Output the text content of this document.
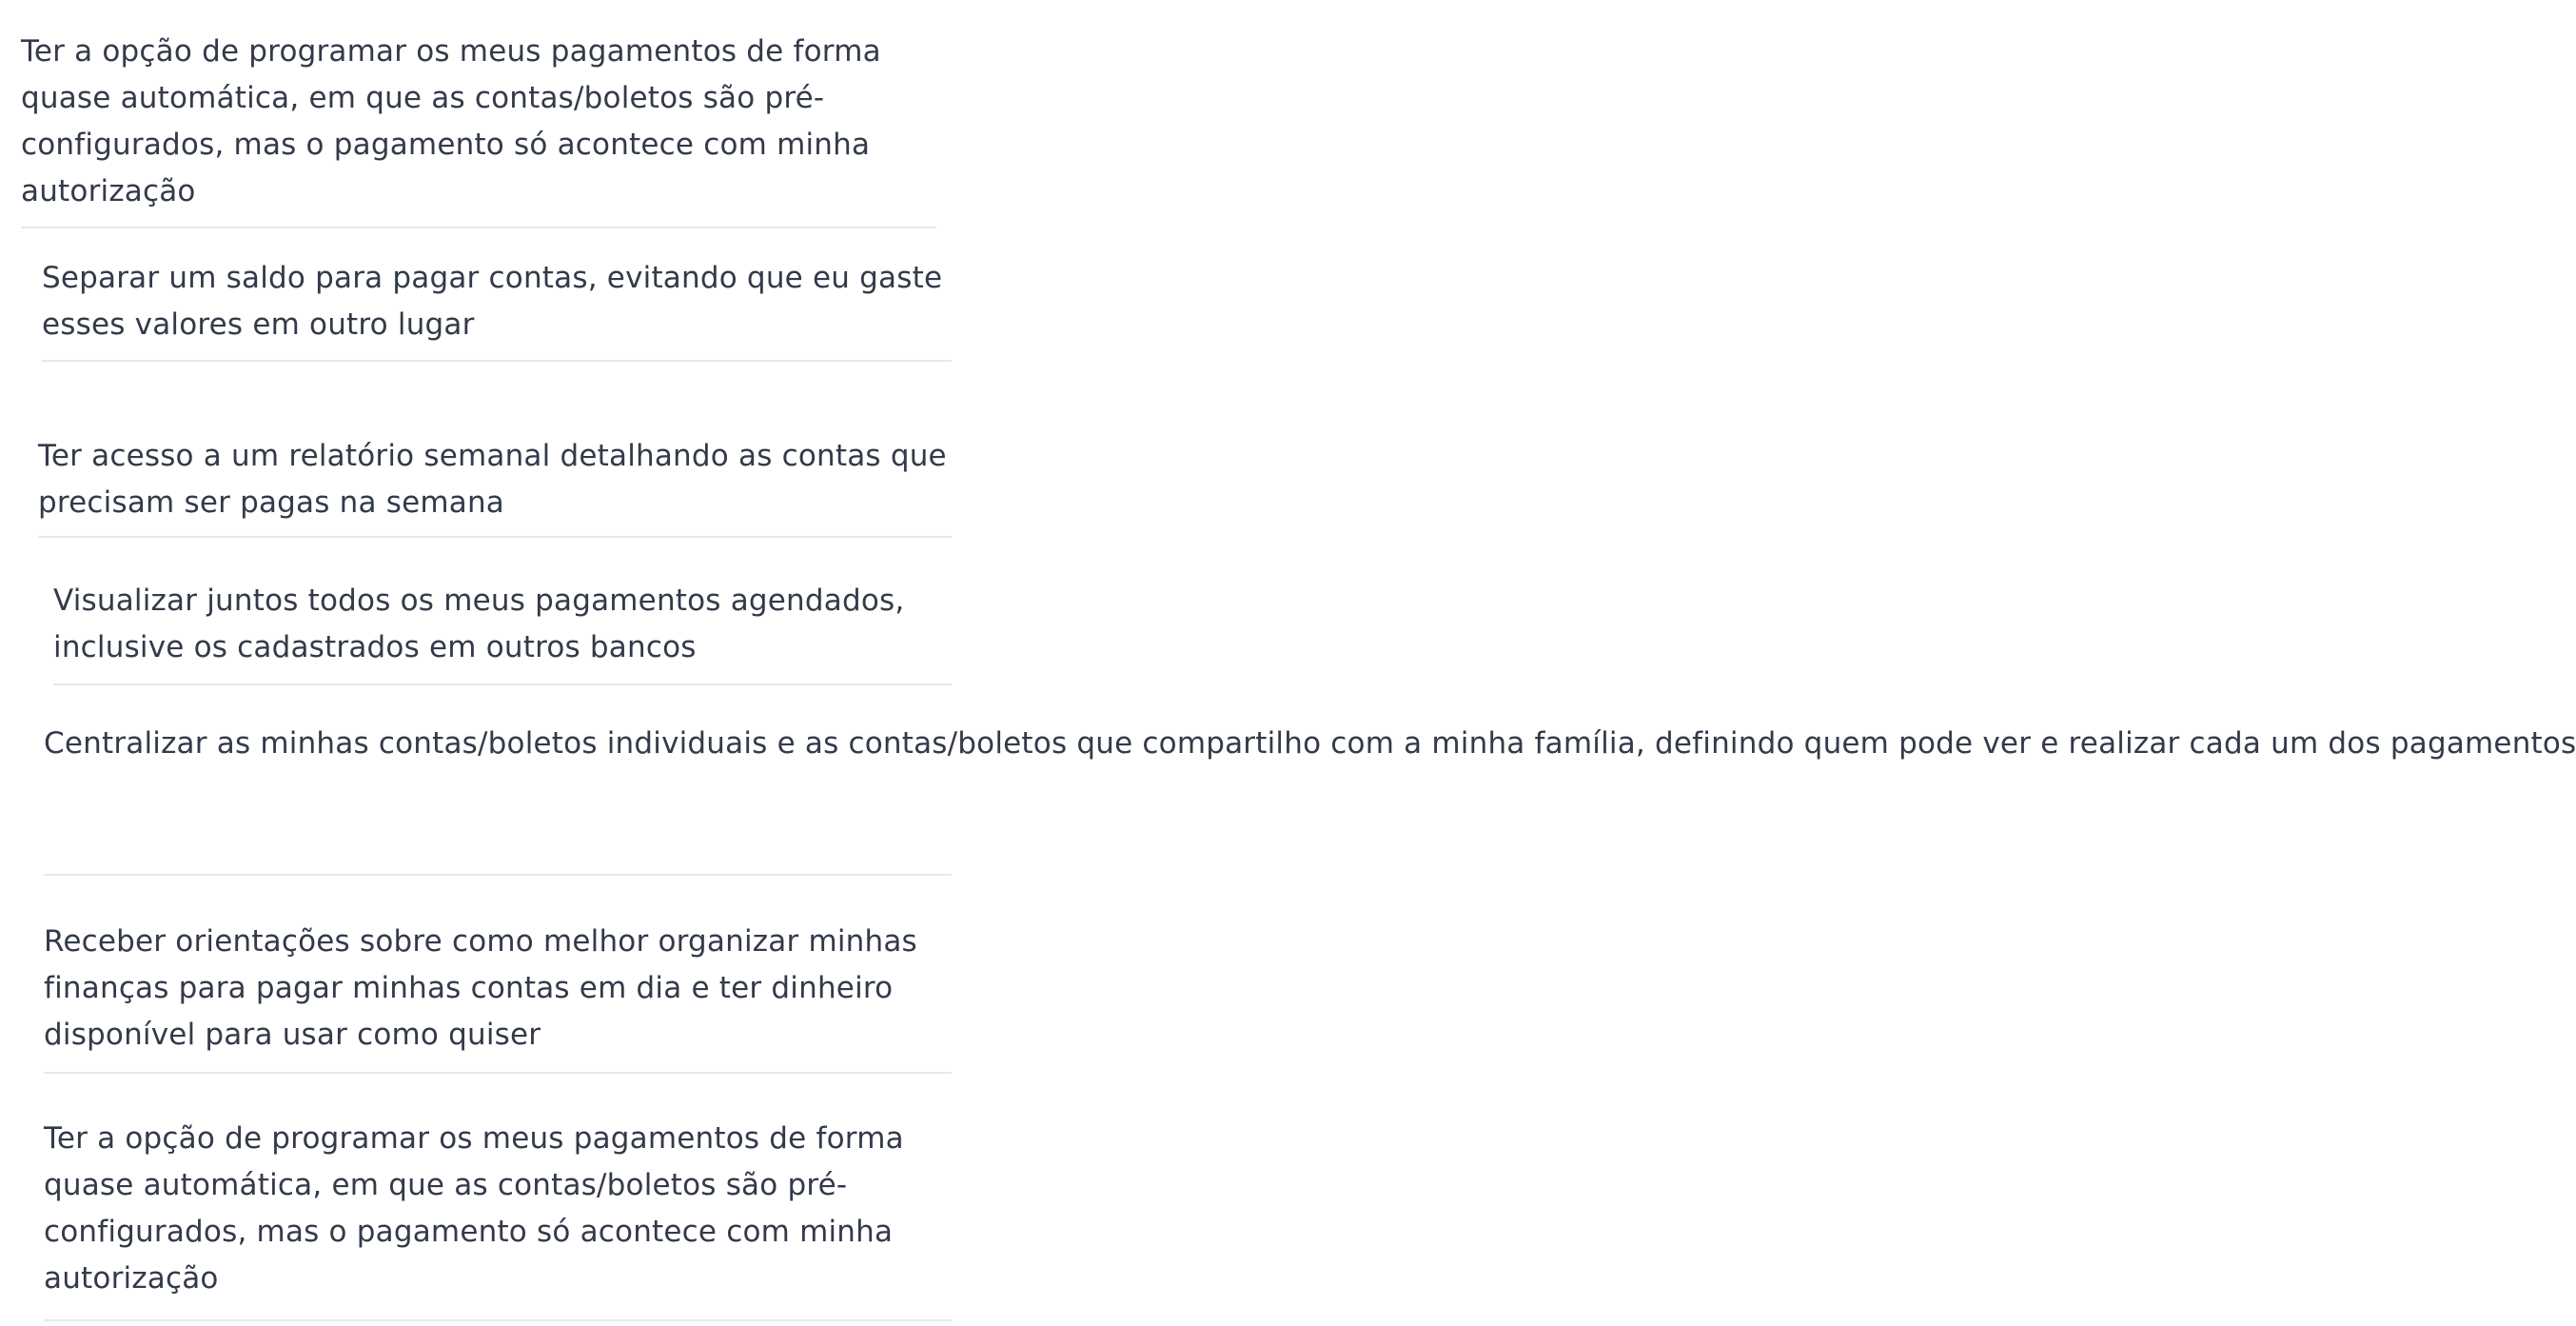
Ter a opção de programar os meus pagamentos de forma
quase automática, em que as contas/boletos são pré-
configurados, mas o pagamento só acontece com minha
autorização

Separar um saldo para pagar contas, evitando que eu gaste
esses valores em outro lugar

Ter acesso a um relatório semanal detalhando as contas que
precisam ser pagas na semana

Visualizar juntos todos os meus pagamentos agendados,
inclusive os cadastrados em outros bancos

Centralizar as minhas contas/boletos individuais e as contas/boletos que compartilho com a minha família, definindo quem pode ver e realizar cada um dos pagamentos

Receber orientações sobre como melhor organizar minhas
finanças para pagar minhas contas em dia e ter dinheiro
disponível para usar como quiser

Ter a opção de programar os meus pagamentos de forma
quase automática, em que as contas/boletos são pré-
configurados, mas o pagamento só acontece com minha
autorização
